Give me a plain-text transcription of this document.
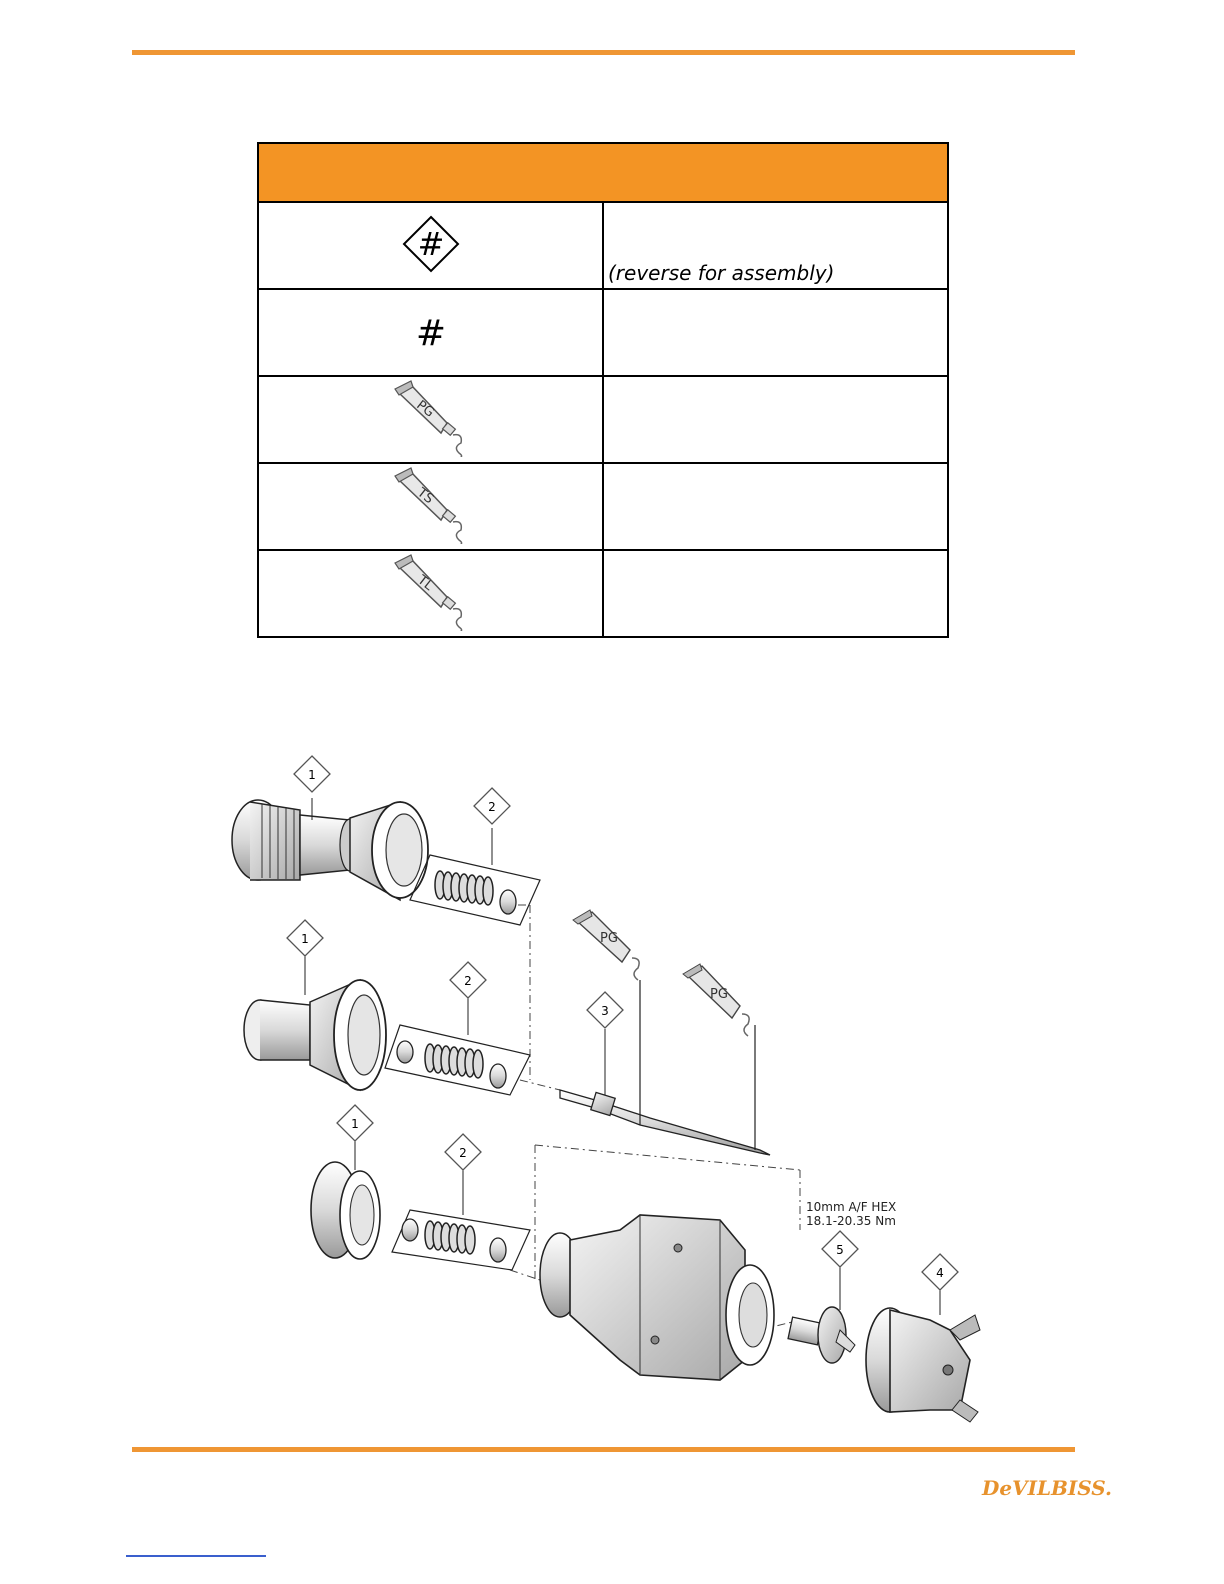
#	(reverse for assembly)

#	

PG	

TS	

TL	

PG
PG
1
2
1
2
3
1
2
5
4
10mm A/F HEX
18.1-20.35 Nm
DeVILBISS.
